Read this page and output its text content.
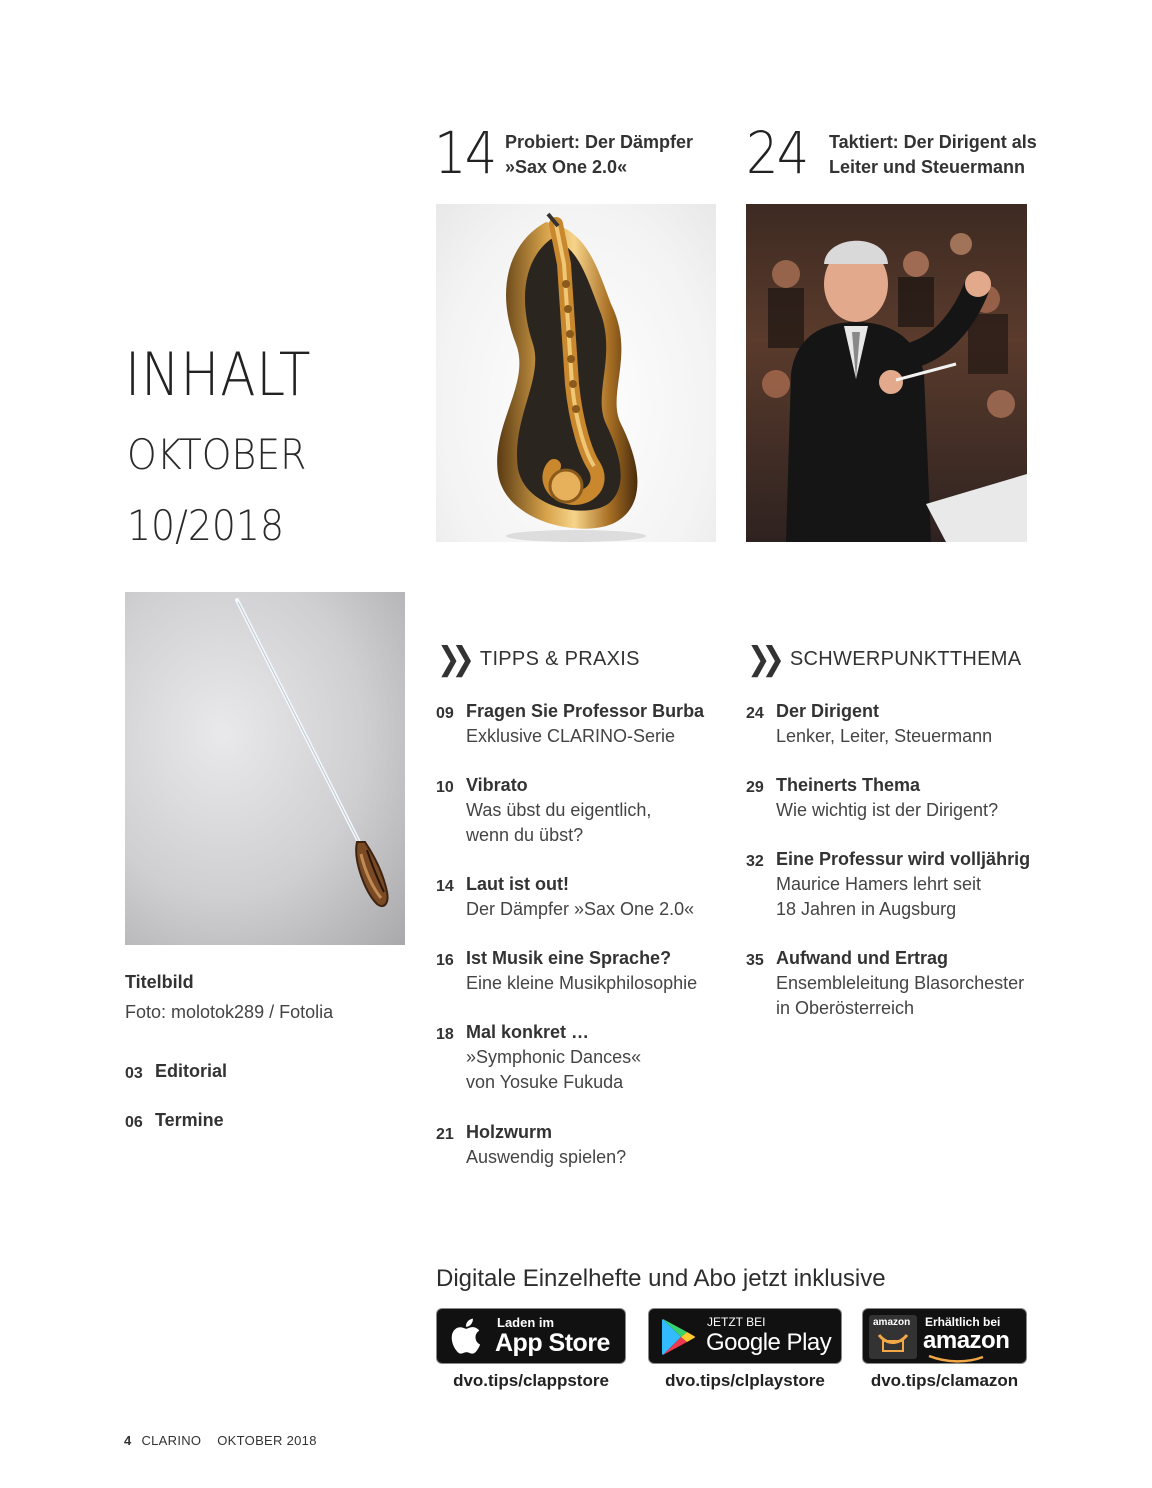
14 Probiert: Der Dämpfer
»Sax One 2.0«	24 Taktiert: Der Dirigent als
Leiter und Steuermann
INHALT
OKTOBER
10/2018
Titelbild
Foto: molotok289 / Fotolia
03 Editorial
06 Termine
❯❯ TIPPS & PRAXIS
09 Fragen Sie Professor Burba
Exklusive CLARINO-Serie
10 Vibrato
Was übst du eigentlich,
wenn du übst?
14 Laut ist out!
Der Dämpfer »Sax One 2.0«
16 Ist Musik eine Sprache?
Eine kleine Musikphilosophie
18 Mal konkret …
»Symphonic Dances«
von Yosuke Fukuda
21 Holzwurm
Auswendig spielen?
❯❯ SCHWERPUNKTTHEMA
24 Der Dirigent
Lenker, Leiter, Steuermann
29 Theinerts Thema
Wie wichtig ist der Dirigent?
32 Eine Professur wird volljährig
Maurice Hamers lehrt seit
18 Jahren in Augsburg
35 Aufwand und Ertrag
Ensembleleitung Blasorchester
in Oberösterreich
Digitale Einzelhefte und Abo jetzt inklusive
Laden im
App Store
dvo.tips/clappstore
JETZT BEI
Google Play
dvo.tips/clplaystore
amazon Erhältlich bei
amazon
dvo.tips/clamazon
4 CLARINO OKTOBER 2018
